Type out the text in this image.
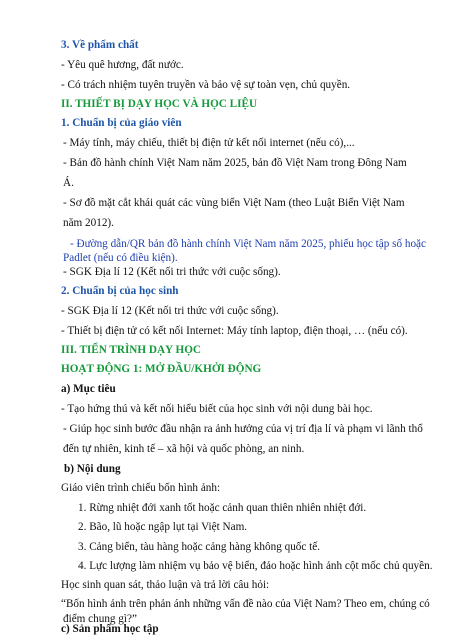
3. Về phẩm chất
- Yêu quê hương, đất nước.
- Có trách nhiệm tuyên truyền và bảo vệ sự toàn vẹn, chủ quyền.
II. THIẾT BỊ DẠY HỌC VÀ HỌC LIỆU
1. Chuẩn bị của giáo viên
- Máy tính, máy chiếu, thiết bị điện tử kết nối internet (nếu có),...
- Bản đồ hành chính Việt Nam năm 2025, bản đồ Việt Nam trong Đông Nam
Á.
- Sơ đồ mặt cắt khái quát các vùng biển Việt Nam (theo Luật Biển Việt Nam
năm 2012).
- Đường dẫn/QR bản đồ hành chính Việt Nam năm 2025, phiếu học tập số hoặc
Padlet (nếu có điều kiện).
- SGK Địa lí 12 (Kết nối tri thức với cuộc sống).
2. Chuẩn bị của học sinh
- SGK Địa lí 12 (Kết nối tri thức với cuộc sống).
- Thiết bị điện tử có kết nối Internet: Máy tính laptop, điện thoại, … (nếu có).
III. TIẾN TRÌNH DẠY HỌC
HOẠT ĐỘNG 1: MỞ ĐẦU/KHỞI ĐỘNG
a) Mục tiêu
- Tạo hứng thú và kết nối hiểu biết của học sinh với nội dung bài học.
- Giúp học sinh bước đầu nhận ra ảnh hưởng của vị trí địa lí và phạm vi lãnh thổ
đến tự nhiên, kinh tế – xã hội và quốc phòng, an ninh.
b) Nội dung
Giáo viên trình chiếu bốn hình ảnh:
1. Rừng nhiệt đới xanh tốt hoặc cảnh quan thiên nhiên nhiệt đới.
2. Bão, lũ hoặc ngập lụt tại Việt Nam.
3. Cảng biển, tàu hàng hoặc cảng hàng không quốc tế.
4. Lực lượng làm nhiệm vụ bảo vệ biển, đảo hoặc hình ảnh cột mốc chủ quyền.
Học sinh quan sát, thảo luận và trả lời câu hỏi:
“Bốn hình ảnh trên phản ánh những vấn đề nào của Việt Nam? Theo em, chúng có
điểm chung gì?”
c) Sản phẩm học tập
